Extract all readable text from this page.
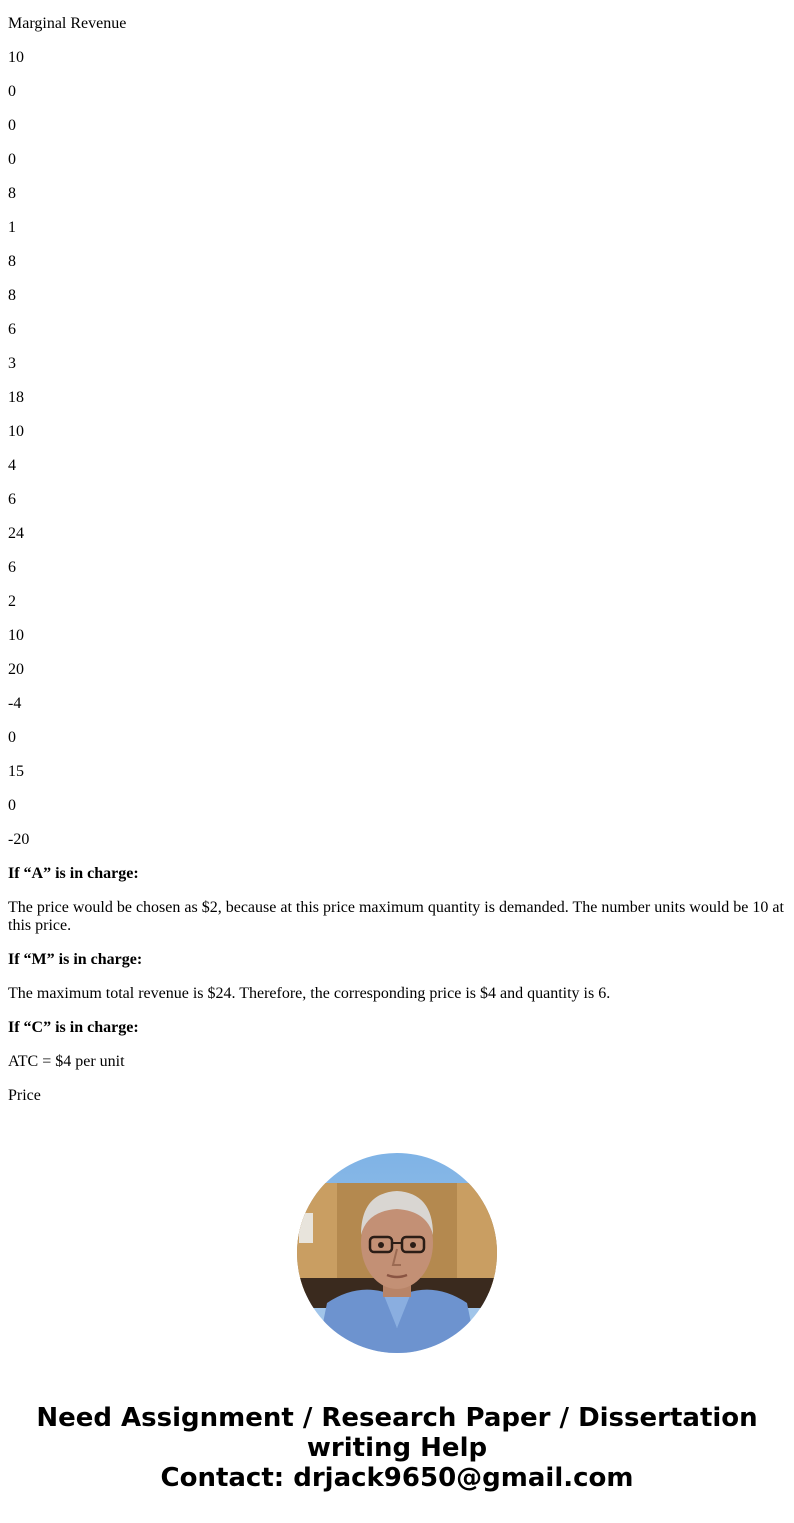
Marginal Revenue

10

0

0

0

8

1

8

8

6

3

18

10

4

6

24

6

2

10

20

-4

0

15

0

-20

If “A” is in charge:

The price would be chosen as $2, because at this price maximum quantity is demanded. The number units would be 10 at this price.

If “M” is in charge:

The maximum total revenue is $24. Therefore, the corresponding price is $4 and quantity is 6.

If “C” is in charge:

ATC = $4 per unit

Price

Need Assignment / Research Paper / Dissertation writing Help
Contact: drjack9650@gmail.com
